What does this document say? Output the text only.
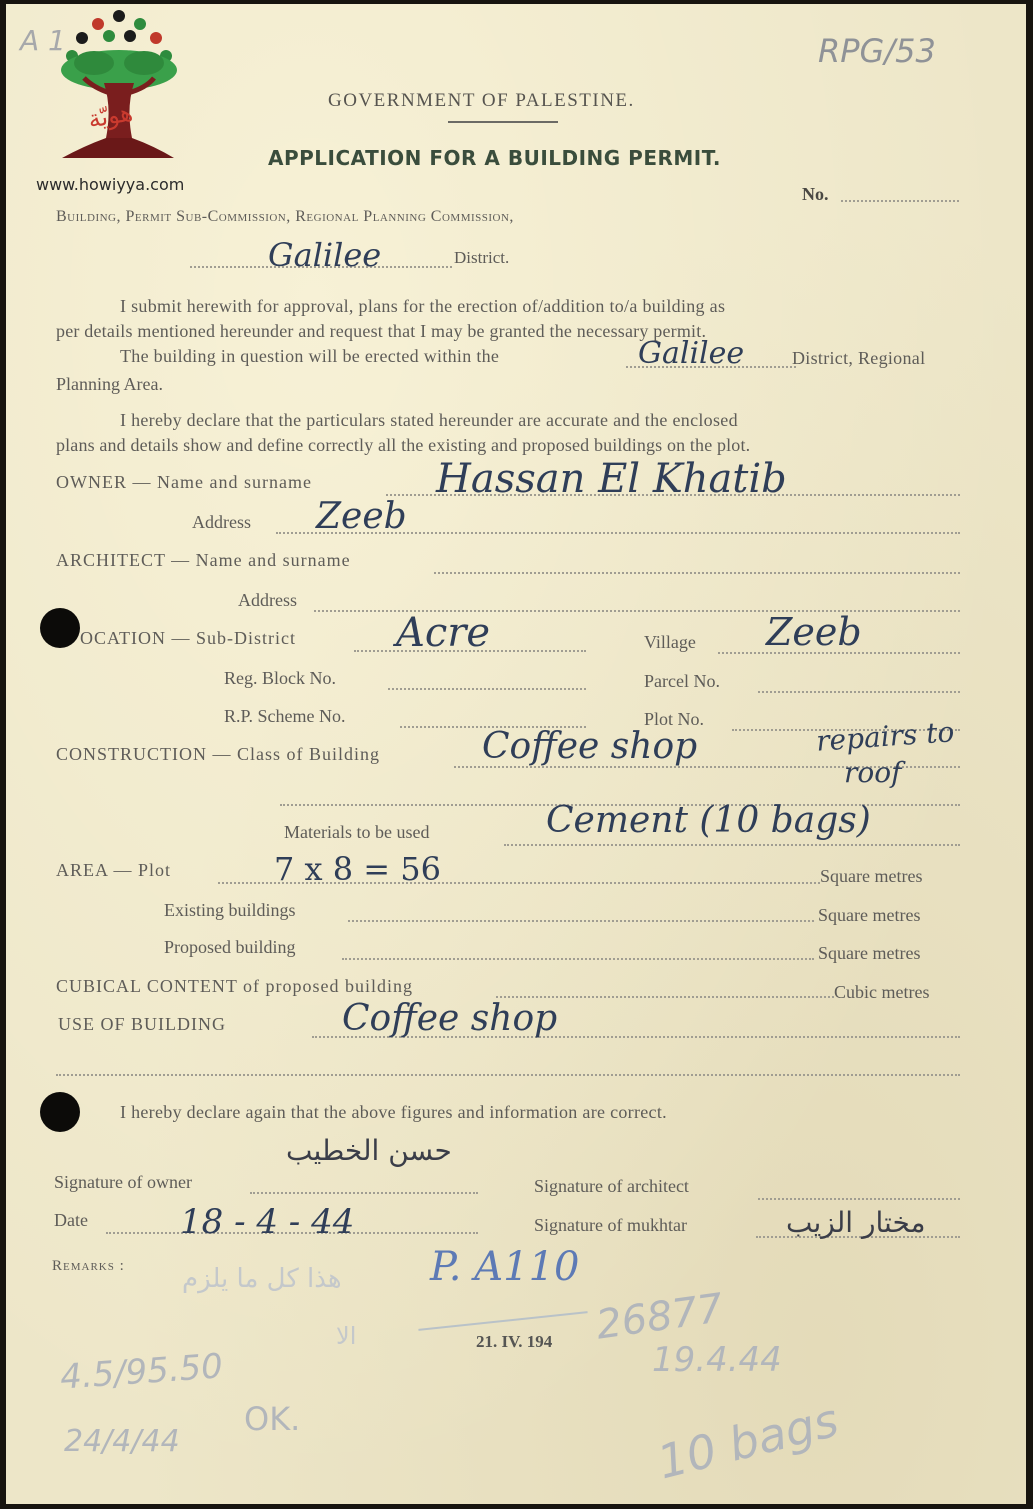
هويّة
www.howiyya.com
A 1	RPG/53
GOVERNMENT OF PALESTINE.
APPLICATION FOR A BUILDING PERMIT.
No.
Building, Permit Sub-Commission, Regional Planning Commission,
Galilee	District.
I submit herewith for approval, plans for the erection of/addition to/a building as
per details mentioned hereunder and request that I may be granted the necessary permit.
The building in question will be erected within the	Galilee	District, Regional
Planning Area.
I hereby declare that the particulars stated hereunder are accurate and the enclosed
plans and details show and define correctly all the existing and proposed buildings on the plot.
OWNER — Name and surname	Hassan El Khatib
Address Zeeb
ARCHITECT — Name and surname
Address
OCATION — Sub-District	Acre	Village Zeeb
Reg. Block No.	Parcel No.
R.P. Scheme No.	Plot No.
CONSTRUCTION — Class of Building	Coffee shop	repairs to
roof
Materials to be used	Cement (10 bags)
AREA — Plot	7 x 8 = 56	Square metres
Existing buildings	Square metres
Proposed building	Square metres
CUBICAL CONTENT of proposed building	Cubic metres
USE OF BUILDING	Coffee shop
I hereby declare again that the above figures and information are correct.
حسن الخطيب
Signature of owner	Signature of architect
Date	18 - 4 - 44	Signature of mukhtar	مختار الزيب
Remarks : هذا كل ما يلزم
الا
P. A110
21. IV. 194 26877
19.4.44
4.5/95.50
24/4/44
OK.	10 bags
